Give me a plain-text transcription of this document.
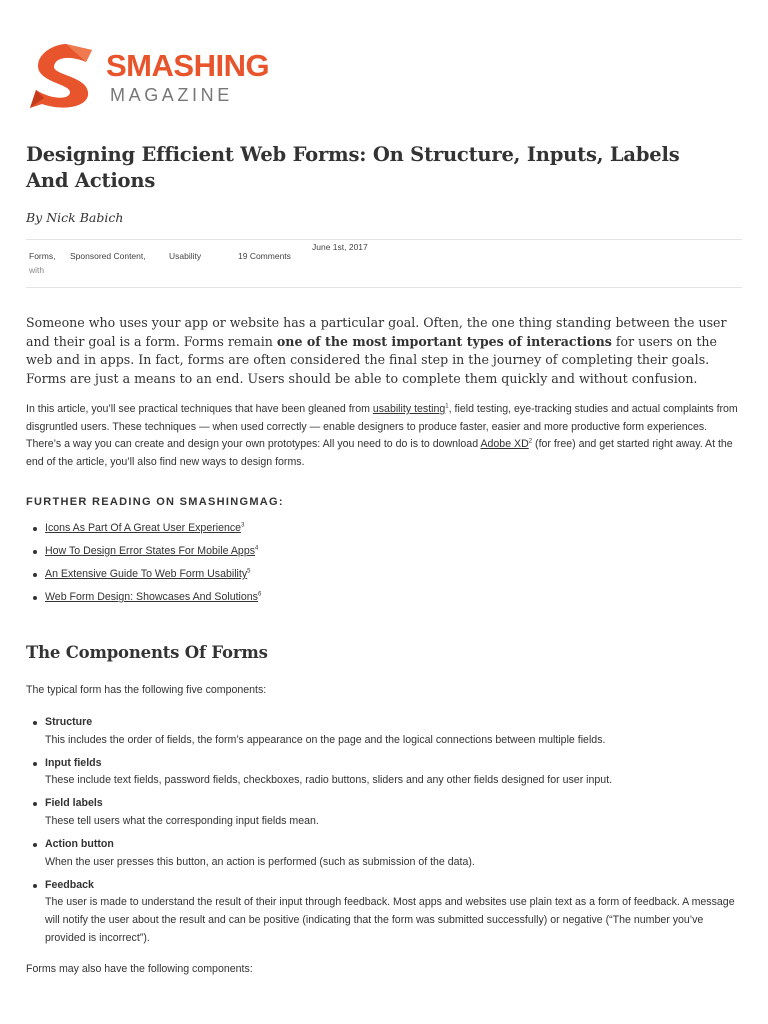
SMASHING
MAGAZINE
Designing Efficient Web Forms: On Structure, Inputs, Labels And Actions
By Nick Babich
Forms, Sponsored Content,	Usability
with
19 Comments
June 1st, 2017

Someone who uses your app or website has a particular goal. Often, the one thing standing between the user and their goal is a form. Forms remain one of the most important types of interactions for users on the web and in apps. In fact, forms are often considered the final step in the journey of completing their goals. Forms are just a means to an end. Users should be able to complete them quickly and without confusion.

In this article, you’ll see practical techniques that have been gleaned from usability testing$^1$, field testing, eye-tracking studies and actual complaints from disgruntled users. These techniques — when used correctly — enable designers to produce faster, easier and more productive form experiences. There’s a way you can create and design your own prototypes: All you need to do is to download Adobe $XD^2$ (for free) and get started right away. At the end of the article, you’ll also find new ways to design forms.

FURTHER READING ON SMASHINGMAG:
Icons As Part Of A Great User Experience$^3$
How To Design Error States For Mobile Apps$^4$
An Extensive Guide To Web Form Usability$^5$
Web Form Design: Showcases And Solutions$^6$
The Components Of Forms

The typical form has the following five components:

Structure
This includes the order of fields, the form’s appearance on the page and the logical connections between multiple fields.
Input fields
These include text fields, password fields, checkboxes, radio buttons, sliders and any other fields designed for user input.
Field labels
These tell users what the corresponding input fields mean.
Action button
When the user presses this button, an action is performed (such as submission of the data).
Feedback
The user is made to understand the result of their input through feedback. Most apps and websites use plain text as a form of feedback. A message will notify the user about the result and can be positive (indicating that the form was submitted successfully) or negative (“The number you’ve provided is incorrect”).

Forms may also have the following components:
